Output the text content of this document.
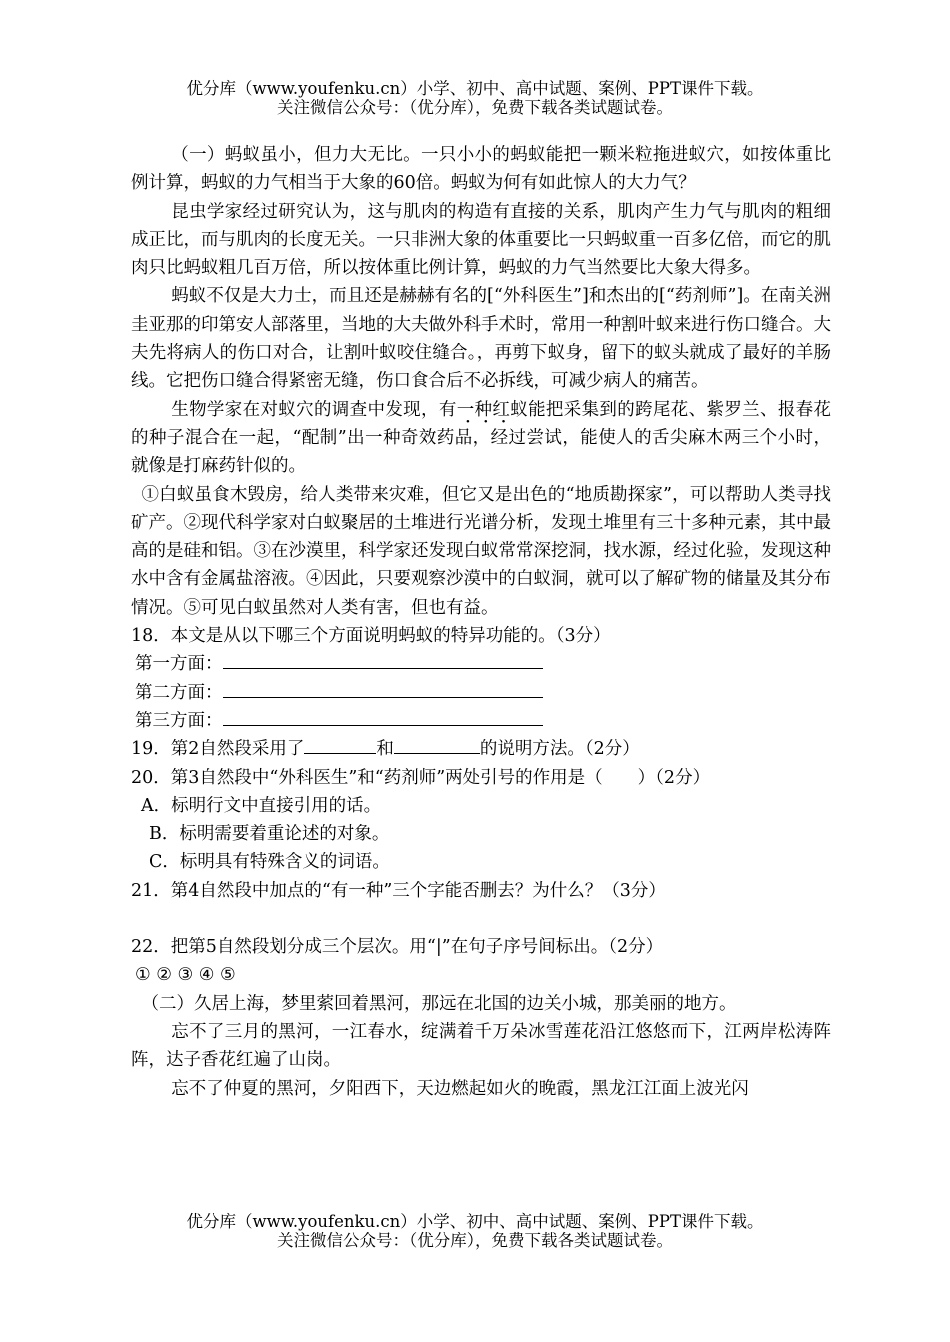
优分库（www.youfenku.cn）小学、初中、高中试题、案例、PPT课件下载。
关注微信公众号：（优分库），免费下载各类试题试卷。

（一）蚂蚁虽小，但力大无比。一只小小的蚂蚁能把一颗米粒拖进蚁穴，如按体重比例计算，蚂蚁的力气相当于大象的60倍。蚂蚁为何有如此惊人的大力气？

昆虫学家经过研究认为，这与肌肉的构造有直接的关系，肌肉产生力气与肌肉的粗细成正比，而与肌肉的长度无关。一只非洲大象的体重要比一只蚂蚁重一百多亿倍，而它的肌肉只比蚂蚁粗几百万倍，所以按体重比例计算，蚂蚁的力气当然要比大象大得多。

蚂蚁不仅是大力士，而且还是赫赫有名的[“外科医生”]和杰出的[“药剂师”]。在南关洲圭亚那的印第安人部落里，当地的大夫做外科手术时，常用一种割叶蚁来进行伤口缝合。大夫先将病人的伤口对合，让割叶蚁咬住缝合。，再剪下蚁身，留下的蚁头就成了最好的羊肠线。它把伤口缝合得紧密无缝，伤口食合后不必拆线，可减少病人的痛苦。

生物学家在对蚁穴的调查中发现，有一种红蚁能把采集到的跨尾花、紫罗兰、报春花的种子混合在一起，“配制”出一种奇效药品，经过尝试，能使人的舌尖麻木两三个小时，就像是打麻药针似的。

①白蚁虽食木毁房，给人类带来灾难，但它又是出色的“地质勘探家”，可以帮助人类寻找矿产。②现代科学家对白蚁聚居的土堆进行光谱分析，发现土堆里有三十多种元素，其中最高的是硅和铝。③在沙漠里，科学家还发现白蚁常常深挖洞，找水源，经过化验，发现这种水中含有金属盐溶液。④因此，只要观察沙漠中的白蚁洞，就可以了解矿物的储量及其分布情况。⑤可见白蚁虽然对人类有害，但也有益。

18．本文是从以下哪三个方面说明蚂蚁的特异功能的。（3分）

第一方面：

第二方面：

第三方面：

19．第2自然段采用了	和	的说明方法。（2分）

20．第3自然段中“外科医生”和“药剂师”两处引号的作用是（　　）（2分）

A．标明行文中直接引用的话。

B．标明需要着重论述的对象。

C．标明具有特殊含义的词语。

21．第4自然段中加点的“有一种”三个字能否删去？为什么？（3分）

22．把第5自然段划分成三个层次。用“|”在句子序号间标出。（2分）

① ② ③ ④ ⑤

（二）久居上海，梦里萦回着黑河，那远在北国的边关小城，那美丽的地方。

忘不了三月的黑河，一江春水，绽满着千万朵冰雪莲花沿江悠悠而下，江两岸松涛阵阵，达子香花红遍了山岗。

忘不了仲夏的黑河，夕阳西下，天边燃起如火的晚霞，黑龙江江面上波光闪

优分库（www.youfenku.cn）小学、初中、高中试题、案例、PPT课件下载。
关注微信公众号：（优分库），免费下载各类试题试卷。
